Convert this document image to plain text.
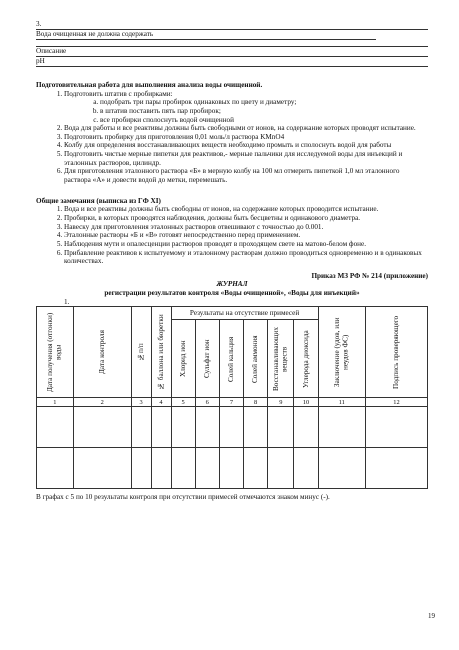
3.
Вода очищенная не должна содержать
Описание
pH
Подготовительная работа для выполнения анализа воды очищенной.
1. Подготовить штатив с пробирками:
a. подобрать три пары пробирок одинаковых по цвету и диаметру;
b. в штатив поставить пять пар пробирок;
c. все пробирки сполоснуть водой очищенной
2. Вода для работы и все реактивы должны быть свободными от ионов, на содержание которых проводят испытание.
3. Подготовить пробирку для приготовления 0,01 моль/л раствора KMnO4
4. Колбу для определения восстанавливающих веществ необходимо промыть и сполоснуть водой для работы
5. Подготовить чистые мерные пипетки для реактивов,- мерные пальчики для исследуемой воды для инъекций и эталонных растворов, цилиндр.
6. Для приготовления эталонного раствора «Б» в мерную колбу на 100 мл отмерить пипеткой 1,0 мл эталонного раствора «А» и довести водой до метки, перемешать.
Общие замечания (выписка из ГФ XI)
1. Вода и все реактивы должны быть свободны от ионов, на содержание которых проводится испытание.
2. Пробирки, в которых проводятся наблюдения, должны быть бесцветны и одинакового диаметра.
3. Навеску для приготовления эталонных растворов отвешивают с точностью до 0.001.
4. Эталонные растворы «Б и «В» готовят непосредственно перед применением.
5. Наблюдения мути и опалесценции растворов проводят в проходящем свете на матово-белом фоне.
6. Прибавление реактивов к испытуемому и эталонному растворам должно проводиться одновременно и в одинаковых количествах.
Приказ МЗ РФ № 214 (приложение)
ЖУРНАЛ
регистрации результатов контроля «Воды очищенной», «Воды для инъекций»
1.
Дата получения (отгонки) воды	Дата контроля	№п/п	№ баллона или бюретки	Результаты на отсутствие примесей						Заключение (удов, или неудов ФС)	Подпись проверяющего

Хлорид ион	Сульфат ион	Солей кальция	Солей аммония	Восстанавливающих веществ	Углерода диоксида		

1	2	3	4	5	6	7	8	9	10	11	12

В графах с 5 по 10 результаты контроля при отсутствии примесей отмечаются знаком минус (-).
19
